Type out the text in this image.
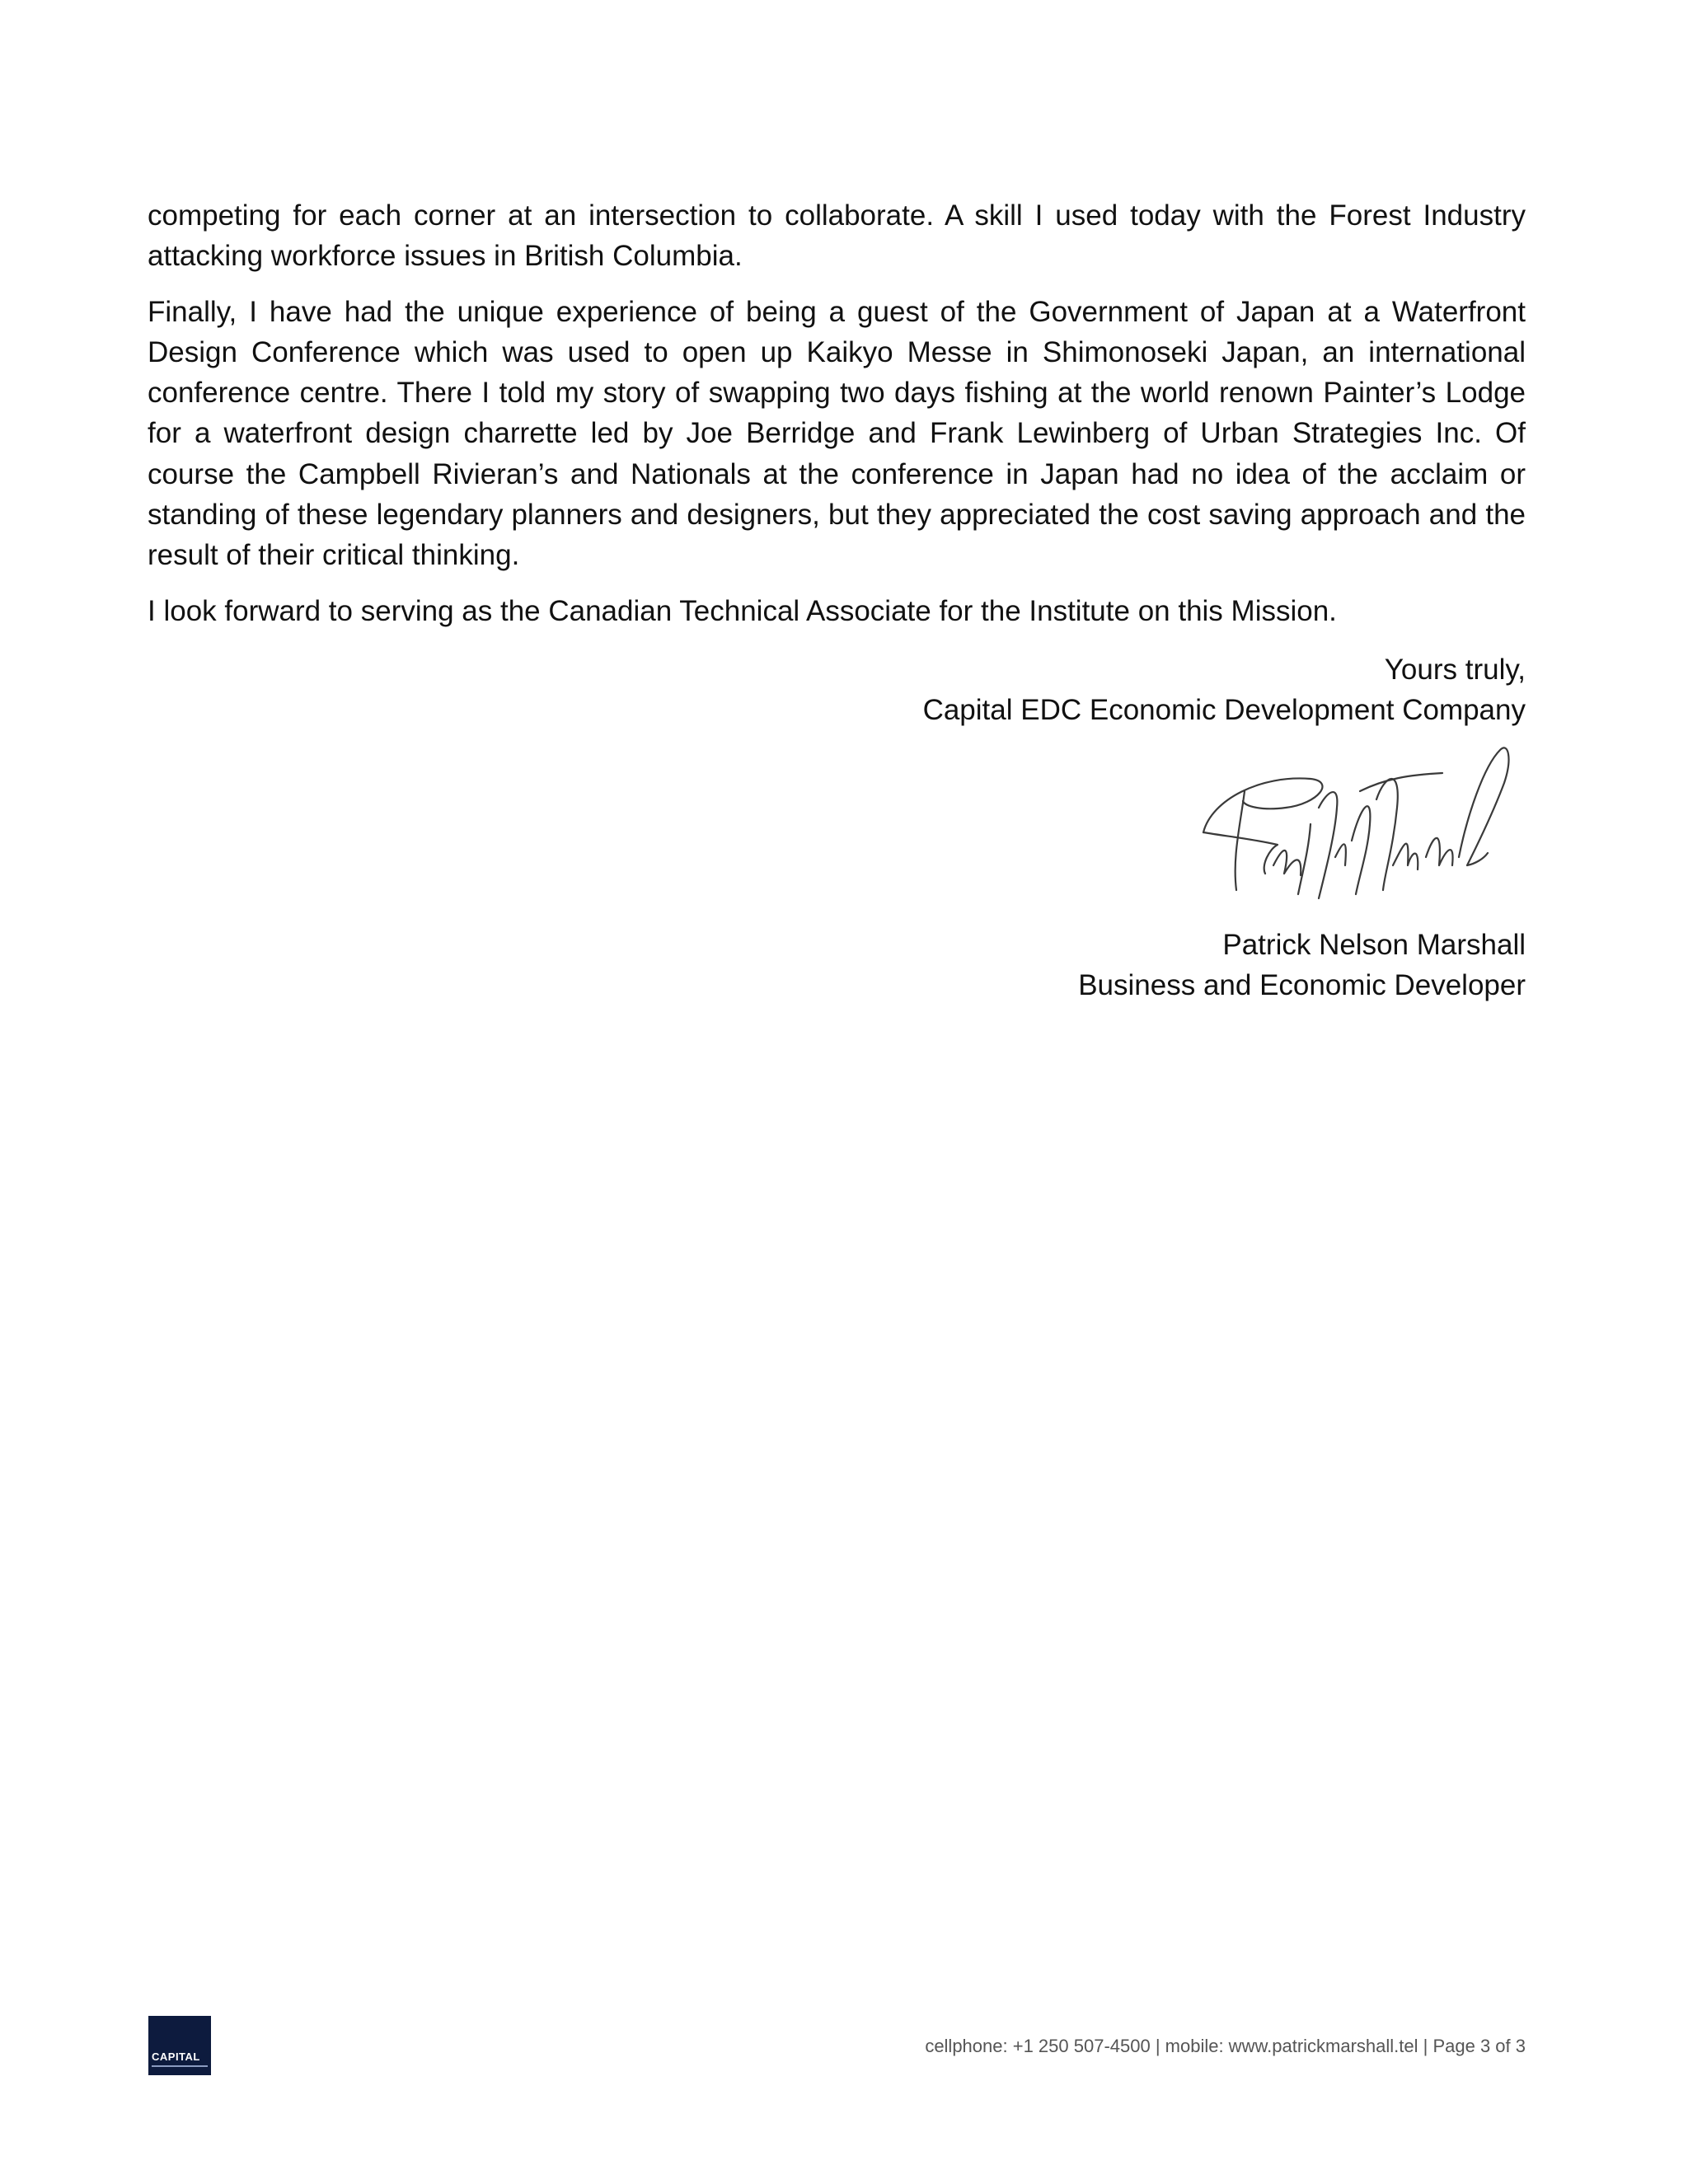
competing for each corner at an intersection to collaborate. A skill I used today with the Forest Industry attacking workforce issues in British Columbia.

Finally, I have had the unique experience of being a guest of the Government of Japan at a Waterfront Design Conference which was used to open up Kaikyo Messe in Shimonoseki Japan, an international conference centre. There I told my story of swapping two days fishing at the world renown Painter’s Lodge for a waterfront design charrette led by Joe Berridge and Frank Lewinberg of Urban Strategies Inc. Of course the Campbell Rivieran’s and Nationals at the conference in Japan had no idea of the acclaim or standing of these legendary planners and designers, but they appreciated the cost saving approach and the result of their critical thinking.

I look forward to serving as the Canadian Technical Associate for the Institute on this Mission.

Yours truly,
Capital EDC Economic Development Company
Patrick Nelson Marshall
Business and Economic Developer
CAPITAL
cellphone: +1 250 507-4500 | mobile: www.patrickmarshall.tel | Page 3 of 3
